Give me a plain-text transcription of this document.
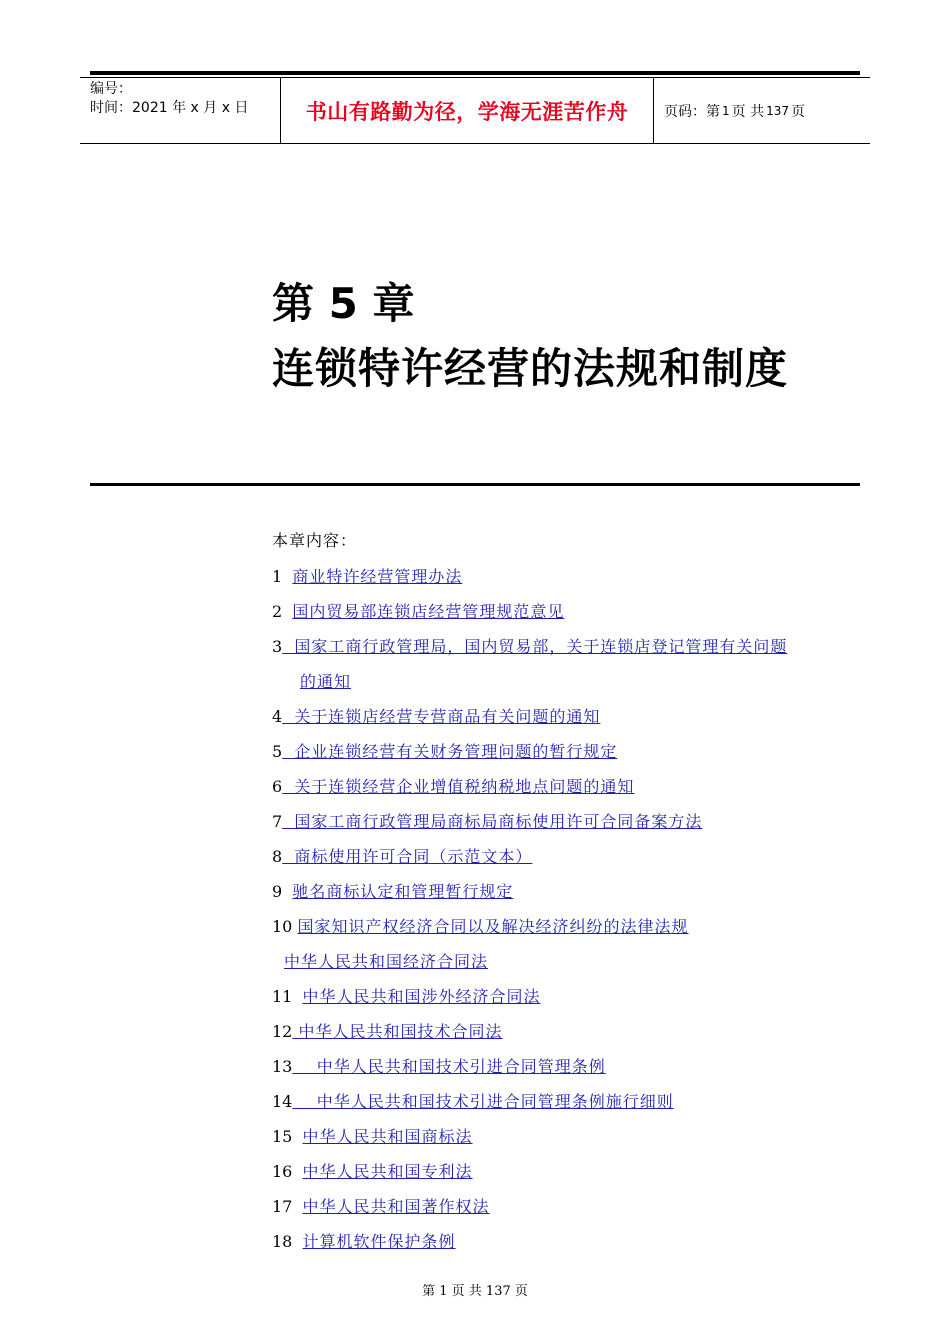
编号：
时间：2021 年 x 月 x 日	书山有路勤为径，学海无涯苦作舟	页码：第 1 页 共 137 页
第 5 章
连锁特许经营的法规和制度
本章内容：
1  商业特许经营管理办法
2  国内贸易部连锁店经营管理规范意见
3  国家工商行政管理局，国内贸易部，关于连锁店登记管理有关问题
的通知
4  关于连锁店经营专营商品有关问题的通知
5  企业连锁经营有关财务管理问题的暂行规定
6  关于连锁经营企业增值税纳税地点问题的通知
7  国家工商行政管理局商标局商标使用许可合同备案方法
8  商标使用许可合同（示范文本）
9  驰名商标认定和管理暂行规定
10 国家知识产权经济合同以及解决经济纠纷的法律法规
中华人民共和国经济合同法
11  中华人民共和国涉外经济合同法
12 中华人民共和国技术合同法
13    中华人民共和国技术引进合同管理条例
14    中华人民共和国技术引进合同管理条例施行细则
15  中华人民共和国商标法
16  中华人民共和国专利法
17  中华人民共和国著作权法
18  计算机软件保护条例
第 1 页 共 137 页
